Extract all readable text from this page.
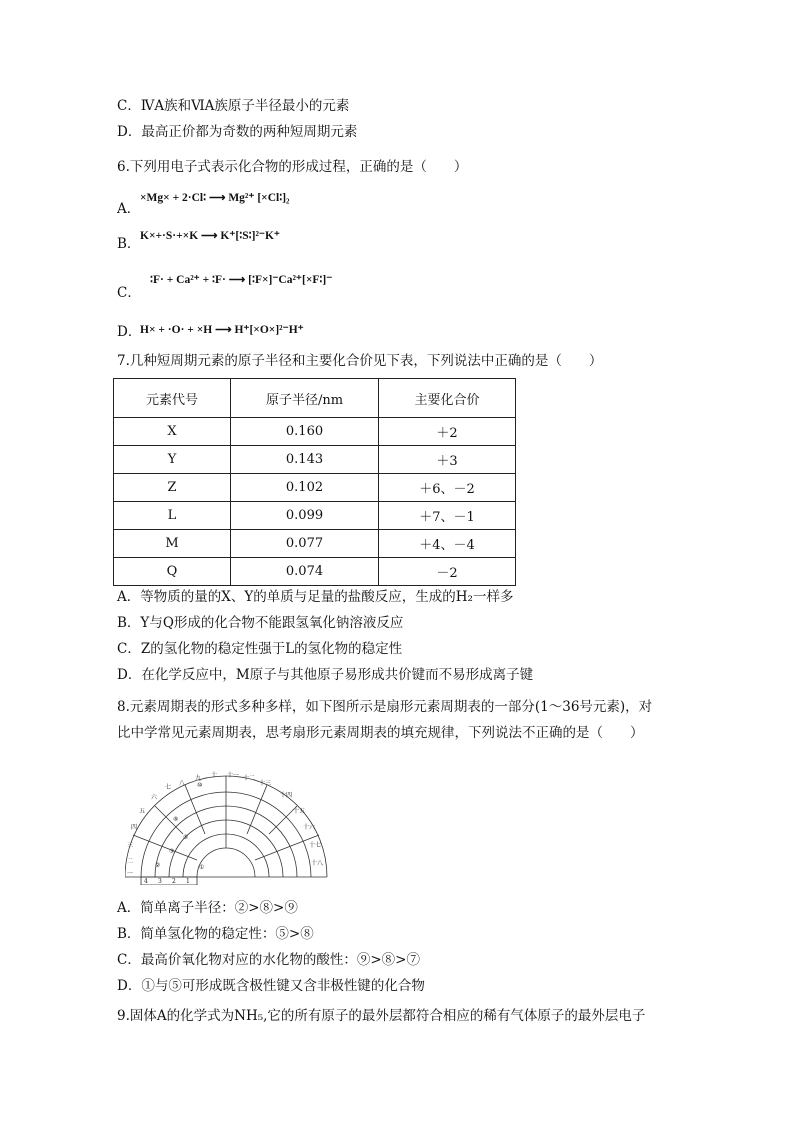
C．ⅣA族和ⅥA族原子半径最小的元素
D．最高正价都为奇数的两种短周期元素
6.下列用电子式表示化合物的形成过程，正确的是（　　）
A．
×Mg× + 2·Cl∶ ⟶ Mg²⁺ [×Cl∶]₂
B． K×+·S·+×K ⟶ K⁺[∶S∶]²⁻K⁺
C．
∶F· + Ca²⁺ + ∶F· ⟶ [∶F×]⁻Ca²⁺[×F∶]⁻
D．
H× + ·O· + ×H ⟶ H⁺[×O×]²⁻H⁺
7.几种短周期元素的原子半径和主要化合价见下表，下列说法中正确的是（　　）
元素代号	原子半径/nm	主要化合价
X	0.160	＋2
Y	0.143	＋3
Z	0.102	＋6、－2
L	0.099	＋7、－1
M	0.077	＋4、－4
Q	0.074	－2
A．等物质的量的X、Y的单质与足量的盐酸反应，生成的H₂一样多
B．Y与Q形成的化合物不能跟氢氧化钠溶液反应
C．Z的氢化物的稳定性强于L的氢化物的稳定性
D．在化学反应中，M原子与其他原子易形成共价键而不易形成离子键
8.元素周期表的形式多种多样，如下图所示是扇形元素周期表的一部分(1～36号元素)，对
比中学常见元素周期表，思考扇形元素周期表的填充规律，下列说法不正确的是（　　）
八
九 十 十一 十二
十三
十四
十五
十六
十七
十八
七
六
五
四
三
二
一
⑩
⑧
⑤
③
②	①
4 3 2 1
A．简单离子半径：②>⑧>⑨
B．简单氢化物的稳定性：⑤>⑧
C．最高价氧化物对应的水化物的酸性：⑨>⑧>⑦
D．①与⑤可形成既含极性键又含非极性键的化合物
9.固体A的化学式为NH₅,它的所有原子的最外层都符合相应的稀有气体原子的最外层电子
